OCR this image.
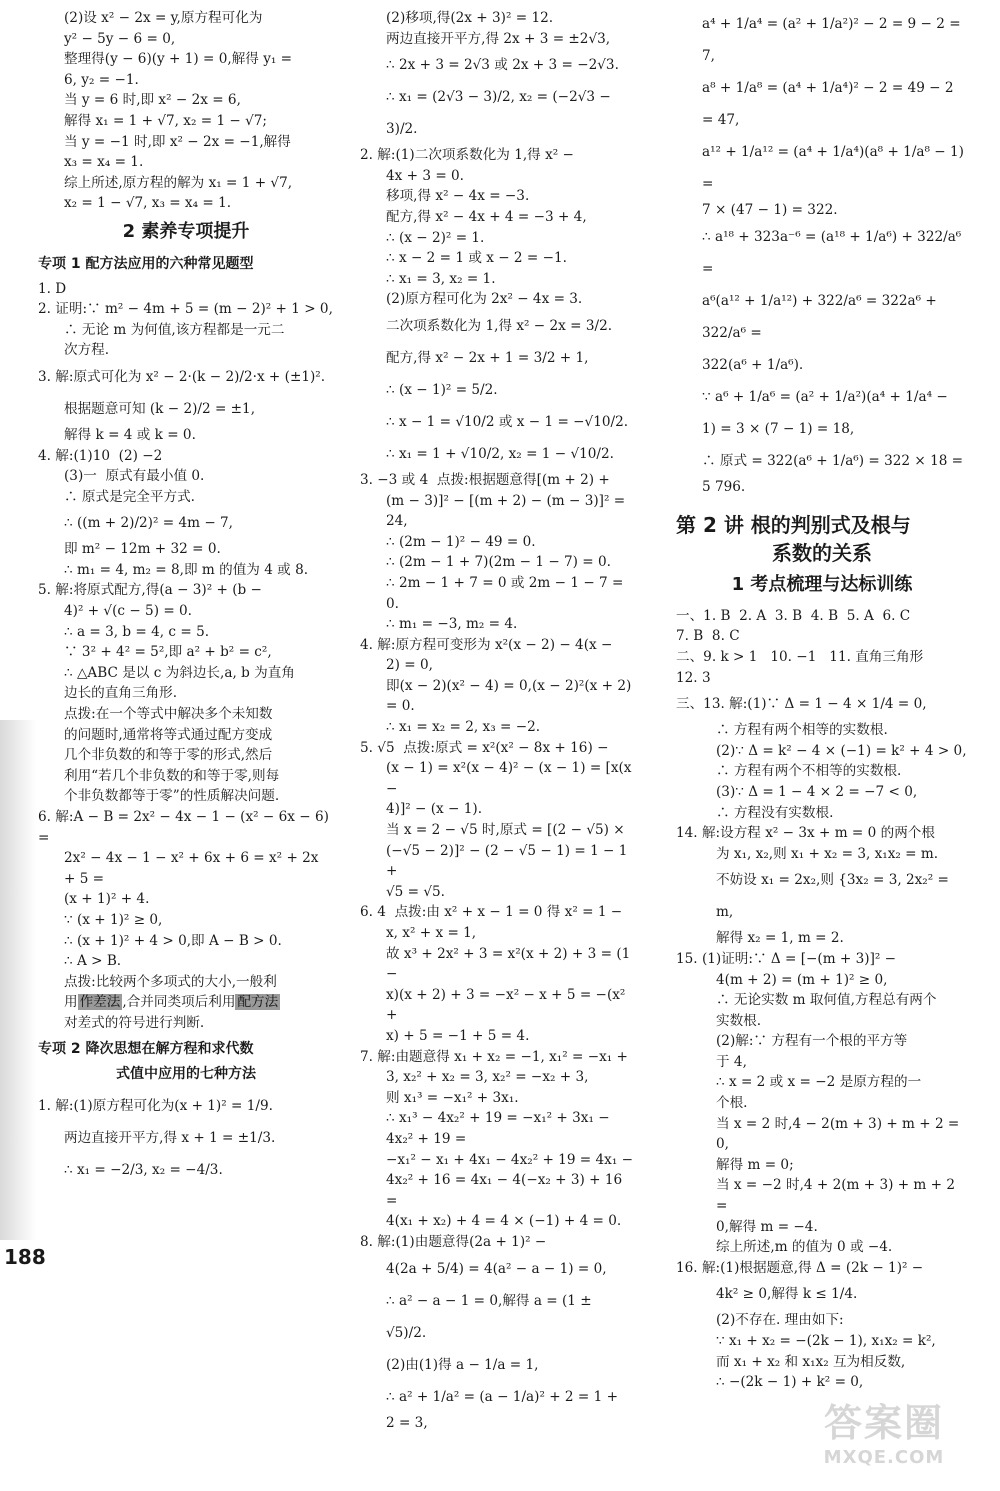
(2)设 x² − 2x = y,原方程可化为

y² − 5y − 6 = 0,

整理得(y − 6)(y + 1) = 0,解得 y₁ =

6, y₂ = −1.

当 y = 6 时,即 x² − 2x = 6,

解得 x₁ = 1 + √7, x₂ = 1 − √7;

当 y = −1 时,即 x² − 2x = −1,解得

x₃ = x₄ = 1.

综上所述,原方程的解为 x₁ = 1 + √7,

x₂ = 1 − √7, x₃ = x₄ = 1.

2 素养专项提升
专项 1 配方法应用的六种常见题型

1. D

2. 证明:∵ m² − 4m + 5 = (m − 2)² + 1 > 0,

∴ 无论 m 为何值,该方程都是一元二

次方程.

3. 解:原式可化为 x² − 2·(k − 2)/2·x + (±1)².

根据题意可知 (k − 2)/2 = ±1,

解得 k = 4 或 k = 0.

4. 解:(1)10  (2) −2

(3)一  原式有最小值 0.

∴ 原式是完全平方式.

∴ ((m + 2)/2)² = 4m − 7,

即 m² − 12m + 32 = 0.

∴ m₁ = 4, m₂ = 8,即 m 的值为 4 或 8.

5. 解:将原式配方,得(a − 3)² + (b −

4)² + √(c − 5) = 0.

∴ a = 3, b = 4, c = 5.

∵ 3² + 4² = 5²,即 a² + b² = c²,

∴ △ABC 是以 c 为斜边长,a, b 为直角

边长的直角三角形.

点拨:在一个等式中解决多个未知数

的问题时,通常将等式通过配方变成

几个非负数的和等于零的形式,然后

利用“若几个非负数的和等于零,则每

个非负数都等于零”的性质解决问题.

6. 解:A − B = 2x² − 4x − 1 − (x² − 6x − 6) =

2x² − 4x − 1 − x² + 6x + 6 = x² + 2x + 5 =

(x + 1)² + 4.

∵ (x + 1)² ≥ 0,

∴ (x + 1)² + 4 > 0,即 A − B > 0.

∴ A > B.

点拨:比较两个多项式的大小,一般利

用 作差法 ,合并同类项后利用 配方法

对差式的符号进行判断.

专项 2 降次思想在解方程和求代数
式值中应用的七种方法

1. 解:(1)原方程可化为(x + 1)² = 1/9.

两边直接开平方,得 x + 1 = ±1/3.

∴ x₁ = −2/3, x₂ = −4/3.

(2)移项,得(2x + 3)² = 12.

两边直接开平方,得 2x + 3 = ±2√3,

∴ 2x + 3 = 2√3 或 2x + 3 = −2√3.

∴ x₁ = (2√3 − 3)/2, x₂ = (−2√3 − 3)/2.

2. 解:(1)二次项系数化为 1,得 x² −

4x + 3 = 0.

移项,得 x² − 4x = −3.

配方,得 x² − 4x + 4 = −3 + 4,

∴ (x − 2)² = 1.

∴ x − 2 = 1 或 x − 2 = −1.

∴ x₁ = 3, x₂ = 1.

(2)原方程可化为 2x² − 4x = 3.

二次项系数化为 1,得 x² − 2x = 3/2.

配方,得 x² − 2x + 1 = 3/2 + 1,

∴ (x − 1)² = 5/2.

∴ x − 1 = √10/2 或 x − 1 = −√10/2.

∴ x₁ = 1 + √10/2, x₂ = 1 − √10/2.

3. −3 或 4  点拨:根据题意得[(m + 2) +

(m − 3)]² − [(m + 2) − (m − 3)]² = 24,

∴ (2m − 1)² − 49 = 0.

∴ (2m − 1 + 7)(2m − 1 − 7) = 0.

∴ 2m − 1 + 7 = 0 或 2m − 1 − 7 = 0.

∴ m₁ = −3, m₂ = 4.

4. 解:原方程可变形为 x²(x − 2) − 4(x −

2) = 0,

即(x − 2)(x² − 4) = 0,(x − 2)²(x + 2) = 0.

∴ x₁ = x₂ = 2, x₃ = −2.

5. √5  点拨:原式 = x²(x² − 8x + 16) −

(x − 1) = x²(x − 4)² − (x − 1) = [x(x −

4)]² − (x − 1).

当 x = 2 − √5 时,原式 = [(2 − √5) ×

(−√5 − 2)]² − (2 − √5 − 1) = 1 − 1 +

√5 = √5.

6. 4  点拨:由 x² + x − 1 = 0 得 x² = 1 −

x, x² + x = 1,

故 x³ + 2x² + 3 = x²(x + 2) + 3 = (1 −

x)(x + 2) + 3 = −x² − x + 5 = −(x² +

x) + 5 = −1 + 5 = 4.

7. 解:由题意得 x₁ + x₂ = −1, x₁² = −x₁ +

3, x₂² + x₂ = 3, x₂² = −x₂ + 3,

则 x₁³ = −x₁² + 3x₁.

∴ x₁³ − 4x₂² + 19 = −x₁² + 3x₁ − 4x₂² + 19 =

−x₁² − x₁ + 4x₁ − 4x₂² + 19 = 4x₁ −

4x₂² + 16 = 4x₁ − 4(−x₂ + 3) + 16 =

4(x₁ + x₂) + 4 = 4 × (−1) + 4 = 0.

8. 解:(1)由题意得(2a + 1)² −

4(2a + 5/4) = 4(a² − a − 1) = 0,

∴ a² − a − 1 = 0,解得 a = (1 ± √5)/2.

(2)由(1)得 a − 1/a = 1,

∴ a² + 1/a² = (a − 1/a)² + 2 = 1 +

2 = 3,

a⁴ + 1/a⁴ = (a² + 1/a²)² − 2 = 9 − 2 = 7,

a⁸ + 1/a⁸ = (a⁴ + 1/a⁴)² − 2 = 49 − 2 = 47,

a¹² + 1/a¹² = (a⁴ + 1/a⁴)(a⁸ + 1/a⁸ − 1) =

7 × (47 − 1) = 322.

∴ a¹⁸ + 323a⁻⁶ = (a¹⁸ + 1/a⁶) + 322/a⁶ =

a⁶(a¹² + 1/a¹²) + 322/a⁶ = 322a⁶ + 322/a⁶ =

322(a⁶ + 1/a⁶).

∵ a⁶ + 1/a⁶ = (a² + 1/a²)(a⁴ + 1/a⁴ −

1) = 3 × (7 − 1) = 18,

∴ 原式 = 322(a⁶ + 1/a⁶) = 322 × 18 =

5 796.

第 2 讲 根的判别式及根与
系数的关系
1 考点梳理与达标训练

一、1. B  2. A  3. B  4. B  5. A  6. C

7. B  8. C

二、9. k > 1   10. −1   11. 直角三角形

12. 3

三、13. 解:(1)∵ Δ = 1 − 4 × 1/4 = 0,

∴ 方程有两个相等的实数根.

(2)∵ Δ = k² − 4 × (−1) = k² + 4 > 0,

∴ 方程有两个不相等的实数根.

(3)∵ Δ = 1 − 4 × 2 = −7 < 0,

∴ 方程没有实数根.

14. 解:设方程 x² − 3x + m = 0 的两个根

为 x₁, x₂,则 x₁ + x₂ = 3, x₁x₂ = m.

不妨设 x₁ = 2x₂,则 {3x₂ = 3, 2x₂² = m,

解得 x₂ = 1, m = 2.

15. (1)证明:∵ Δ = [−(m + 3)]² −

4(m + 2) = (m + 1)² ≥ 0,

∴ 无论实数 m 取何值,方程总有两个

实数根.

(2)解:∵ 方程有一个根的平方等

于 4,

∴ x = 2 或 x = −2 是原方程的一

个根.

当 x = 2 时,4 − 2(m + 3) + m + 2 = 0,

解得 m = 0;

当 x = −2 时,4 + 2(m + 3) + m + 2 =

0,解得 m = −4.

综上所述,m 的值为 0 或 −4.

16. 解:(1)根据题意,得 Δ = (2k − 1)² −

4k² ≥ 0,解得 k ≤ 1/4.

(2)不存在. 理由如下:

∵ x₁ + x₂ = −(2k − 1), x₁x₂ = k²,

而 x₁ + x₂ 和 x₁x₂ 互为相反数,

∴ −(2k − 1) + k² = 0,

188
答案圈
MXQE.COM
